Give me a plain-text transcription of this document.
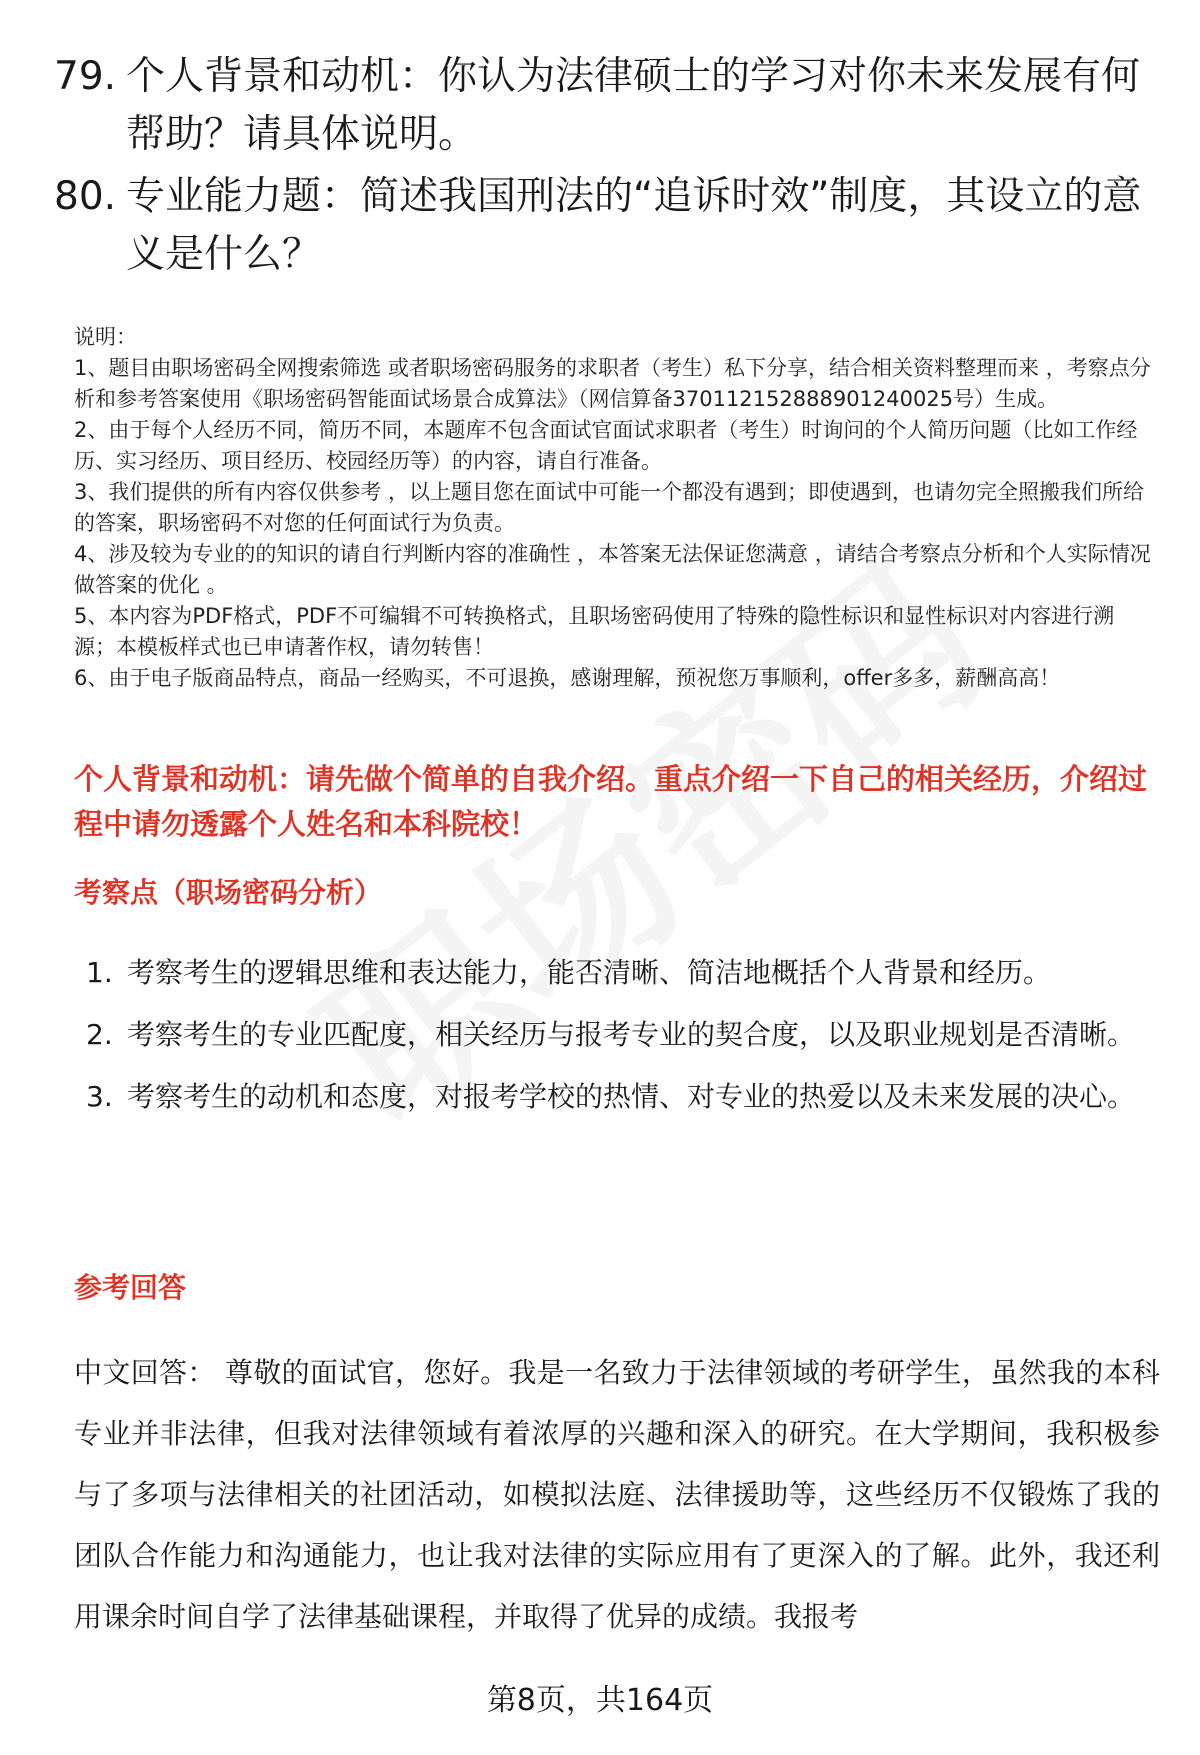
79. 个人背景和动机：你认为法律硕士的学习对你未来发展有何帮助？请具体说明。
80. 专业能力题：简述我国刑法的“追诉时效”制度，其设立的意义是什么？

说明：

1、题目由职场密码全网搜索筛选 或者职场密码服务的求职者（考生）私下分享，结合相关资料整理而来 ，考察点分析和参考答案使用《职场密码智能面试场景合成算法》（网信算备370112152888901240025号）生成。

2、由于每个人经历不同，简历不同，本题库不包含面试官面试求职者（考生）时询问的个人简历问题（比如工作经历、实习经历、项目经历、校园经历等）的内容，请自行准备。

3、我们提供的所有内容仅供参考 ，以上题目您在面试中可能一个都没有遇到；即使遇到，也请勿完全照搬我们所给的答案，职场密码不对您的任何面试行为负责。

4、涉及较为专业的的知识的请自行判断内容的准确性 ，本答案无法保证您满意 ，请结合考察点分析和个人实际情况做答案的优化 。

5、本内容为PDF格式，PDF不可编辑不可转换格式，且职场密码使用了特殊的隐性标识和显性标识对内容进行溯源；本模板样式也已申请著作权，请勿转售！

6、由于电子版商品特点，商品一经购买，不可退换，感谢理解，预祝您万事顺利，offer多多，薪酬高高！

个人背景和动机：请先做个简单的自我介绍。重点介绍一下自己的相关经历，介绍过程中请勿透露个人姓名和本科院校！
考察点（职场密码分析）
1. 考察考生的逻辑思维和表达能力，能否清晰、简洁地概括个人背景和经历。
2. 考察考生的专业匹配度，相关经历与报考专业的契合度，以及职业规划是否清晰。
3. 考察考生的动机和态度，对报考学校的热情、对专业的热爱以及未来发展的决心。
参考回答

中文回答： 尊敬的面试官，您好。我是一名致力于法律领域的考研学生，虽然我的本科专业并非法律，但我对法律领域有着浓厚的兴趣和深入的研究。在大学期间，我积极参与了多项与法律相关的社团活动，如模拟法庭、法律援助等，这些经历不仅锻炼了我的团队合作能力和沟通能力，也让我对法律的实际应用有了更深入的了解。此外，我还利用课余时间自学了法律基础课程，并取得了优异的成绩。我报考

第8页，共164页
